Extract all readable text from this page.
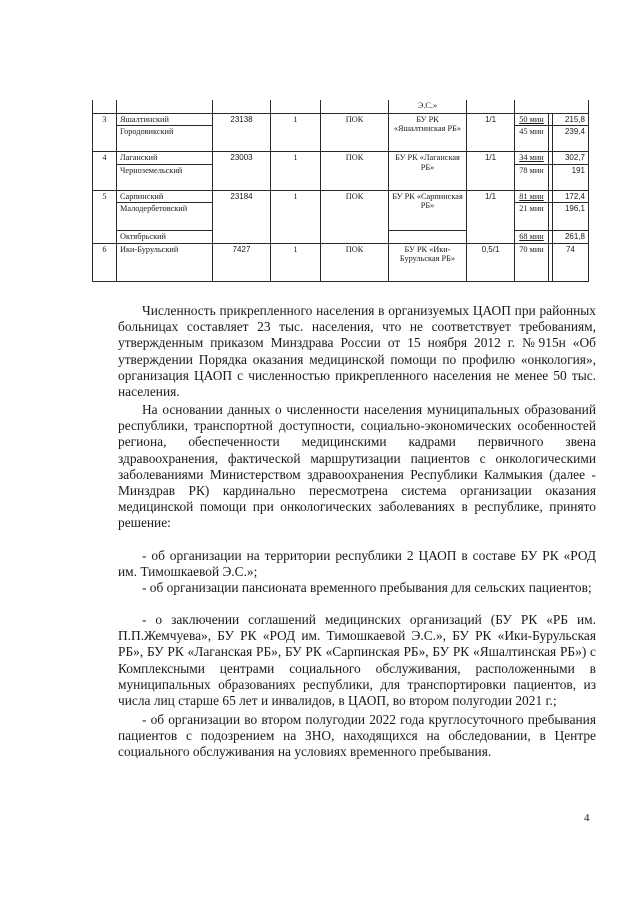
					Э.С.»				
3	Яшалтинский	23138	1	ПОК	БУ РК «Яшалтинская РБ»	1/1	50 мин		215,8
	Городовикский						45 мин		239,4
4	Лаганский	23003	1	ПОК	БУ РК «Лаганская РБ»	1/1	34 мин		302,7
	Черноземельский						78 мин		191
5	Сарпинский	23184	1	ПОК	БУ РК «Сарпинская РБ»	1/1	81 мин		172,4
	Малодербетовский						21 мин		196,1
	Октябрьский						68 мин		261,8
6	Ики-Бурульский	7427	1	ПОК	БУ РК «Ики-Бурульская РБ»	0,5/1	70 мин		74

Численность прикрепленного населения в организуемых ЦАОП при районных больницах составляет 23 тыс. населения, что не соответствует требованиям, утвержденным приказом Минздрава России от 15 ноября 2012 г. №915н «Об утверждении Порядка оказания медицинской помощи по профилю «онкология», организация ЦАОП с численностью прикрепленного населения не менее 50 тыс. населения.

На основании данных о численности населения муниципальных образований республики, транспортной доступности, социально-экономических особенностей региона, обеспеченности медицинскими кадрами первичного звена здравоохранения, фактической маршрутизации пациентов с онкологическими заболеваниями Министерством здравоохранения Республики Калмыкия (далее - Минздрав РК) кардинально пересмотрена система организации оказания медицинской помощи при онкологических заболеваниях в республике, принято решение:

- об организации на территории республики 2 ЦАОП в составе БУ РК «РОД им. Тимошкаевой Э.С.»;

- об организации пансионата временного пребывания для сельских пациентов;

- о заключении соглашений медицинских организаций (БУ РК «РБ им. П.П.Жемчуева», БУ РК «РОД им. Тимошкаевой Э.С.», БУ РК «Ики-Бурульская РБ», БУ РК «Лаганская РБ», БУ РК «Сарпинская РБ», БУ РК «Яшалтинская РБ») с Комплексными центрами социального обслуживания, расположенными в муниципальных образованиях республики, для транспортировки пациентов, из числа лиц старше 65 лет и инвалидов, в ЦАОП, во втором полугодии 2021 г.;

- об организации во втором полугодии 2022 года круглосуточного пребывания пациентов с подозрением на ЗНО, находящихся на обследовании, в Центре социального обслуживания на условиях временного пребывания.

4
